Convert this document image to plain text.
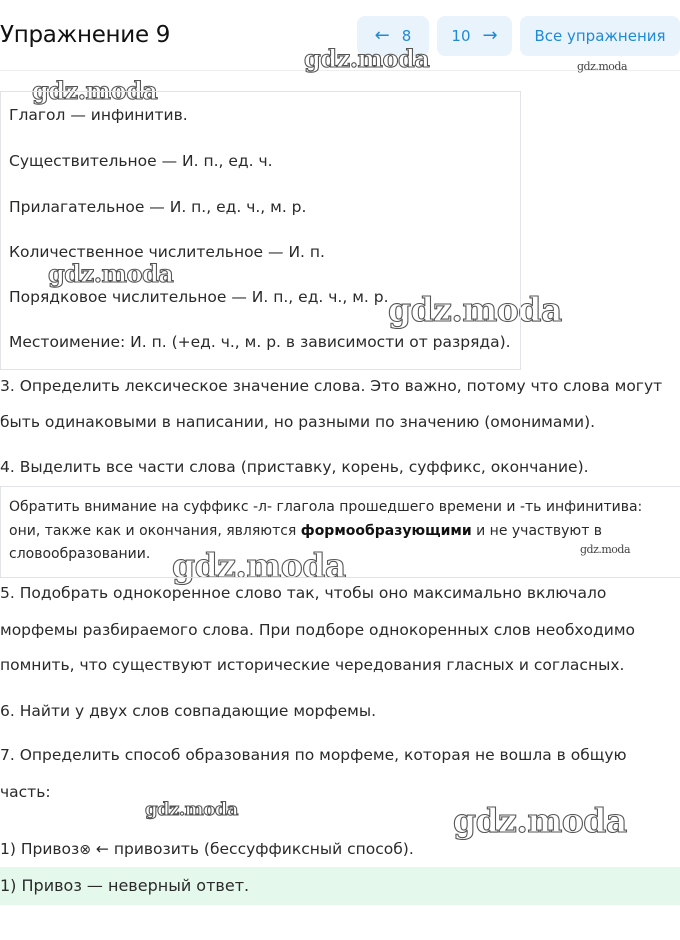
Упражнение 9	← 8	10 → Все упражнения
gdz.moda	gdz.moda
gdz.moda
gdz.moda
gdz.moda
gdz.moda
gdz.moda
gdz.moda	gdz.moda
Глагол — инфинитив.
Существительное — И. п., ед. ч.
Прилагательное — И. п., ед. ч., м. р.
Количественное числительное — И. п.
Порядковое числительное — И. п., ед. ч., м. р.
Местоимение: И. п. (+ед. ч., м. р. в зависимости от разряда).
3. Определить лексическое значение слова. Это важно, потому что слова могут
быть одинаковыми в написании, но разными по значению (омонимами).
4. Выделить все части слова (приставку, корень, суффикс, окончание).
Обратить внимание на суффикс -л- глагола прошедшего времени и -ть инфинитива:
они, также как и окончания, являются формообразующими и не участвуют в
словообразовании.
5. Подобрать однокоренное слово так, чтобы оно максимально включало
морфемы разбираемого слова. При подборе однокоренных слов необходимо
помнить, что существуют исторические чередования гласных и согласных.
6. Найти у двух слов совпадающие морфемы.
7. Определить способ образования по морфеме, которая не вошла в общую
часть:
1) Привоз⊗ ← привозить (бессуффиксный способ).
1) Привоз — неверный ответ.
